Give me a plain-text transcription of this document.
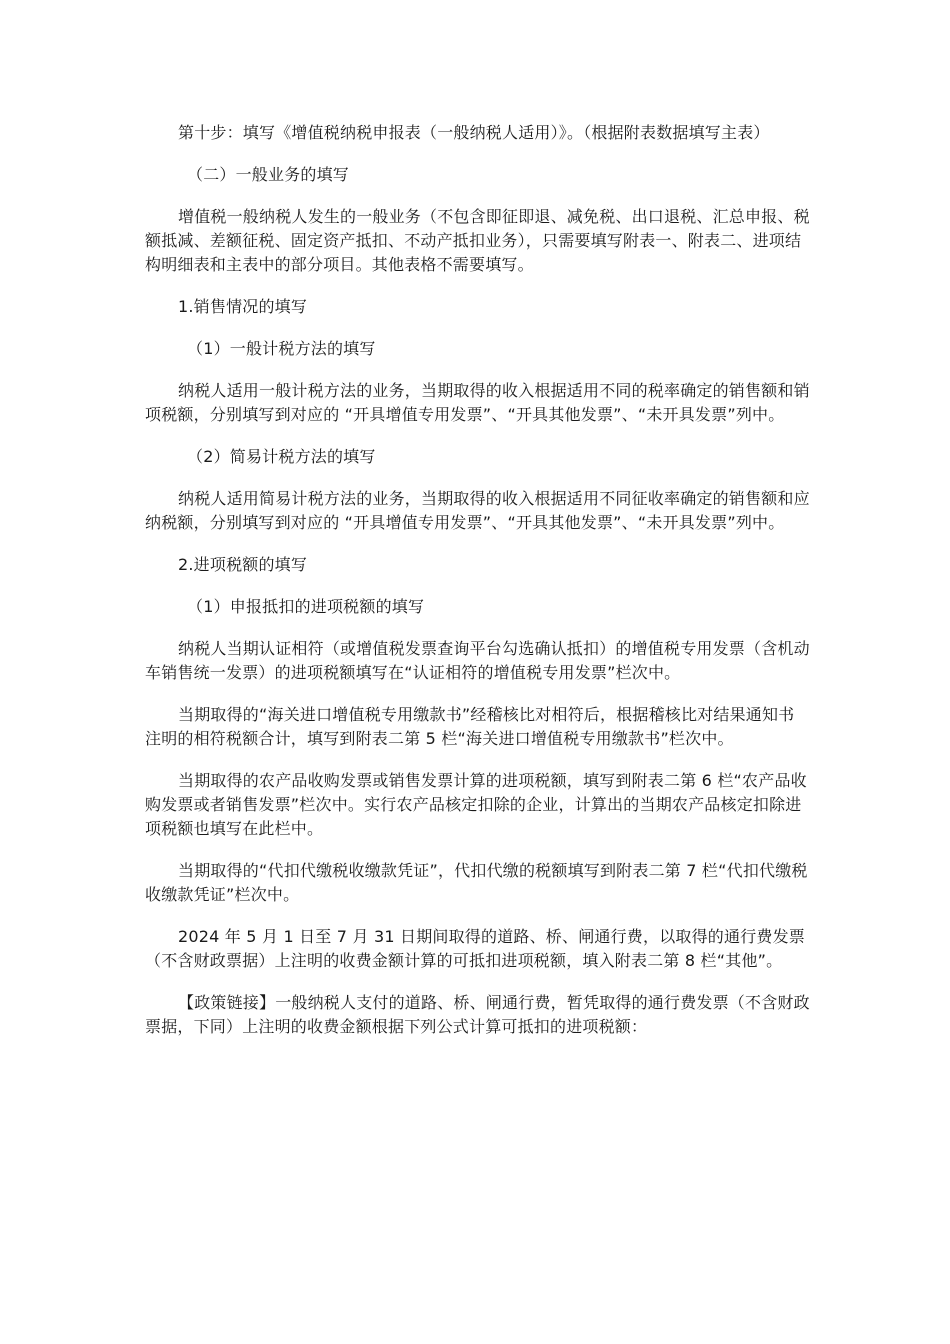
第十步：填写《增值税纳税申报表（一般纳税人适用）》。（根据附表数据填写主表）

（二）一般业务的填写

增值税一般纳税人发生的一般业务（不包含即征即退、减免税、出口退税、汇总申报、税额抵减、差额征税、固定资产抵扣、不动产抵扣业务），只需要填写附表一、附表二、进项结构明细表和主表中的部分项目。其他表格不需要填写。

1.销售情况的填写

（1）一般计税方法的填写

纳税人适用一般计税方法的业务，当期取得的收入根据适用不同的税率确定的销售额和销项税额，分别填写到对应的 “开具增值专用发票”、“开具其他发票”、“未开具发票”列中。

（2）简易计税方法的填写

纳税人适用简易计税方法的业务，当期取得的收入根据适用不同征收率确定的销售额和应纳税额，分别填写到对应的 “开具增值专用发票”、“开具其他发票”、“未开具发票”列中。

2.进项税额的填写

（1）申报抵扣的进项税额的填写

纳税人当期认证相符（或增值税发票查询平台勾选确认抵扣）的增值税专用发票（含机动车销售统一发票）的进项税额填写在“认证相符的增值税专用发票”栏次中。

当期取得的“海关进口增值税专用缴款书”经稽核比对相符后，根据稽核比对结果通知书注明的相符税额合计，填写到附表二第 5 栏“海关进口增值税专用缴款书”栏次中。

当期取得的农产品收购发票或销售发票计算的进项税额，填写到附表二第 6 栏“农产品收购发票或者销售发票”栏次中。实行农产品核定扣除的企业，计算出的当期农产品核定扣除进项税额也填写在此栏中。

当期取得的“代扣代缴税收缴款凭证”，代扣代缴的税额填写到附表二第 7 栏“代扣代缴税收缴款凭证”栏次中。

2024 年 5 月 1 日至 7 月 31 日期间取得的道路、桥、闸通行费，以取得的通行费发票（不含财政票据）上注明的收费金额计算的可抵扣进项税额，填入附表二第 8 栏“其他”。

【政策链接】一般纳税人支付的道路、桥、闸通行费，暂凭取得的通行费发票（不含财政票据，下同）上注明的收费金额根据下列公式计算可抵扣的进项税额：
